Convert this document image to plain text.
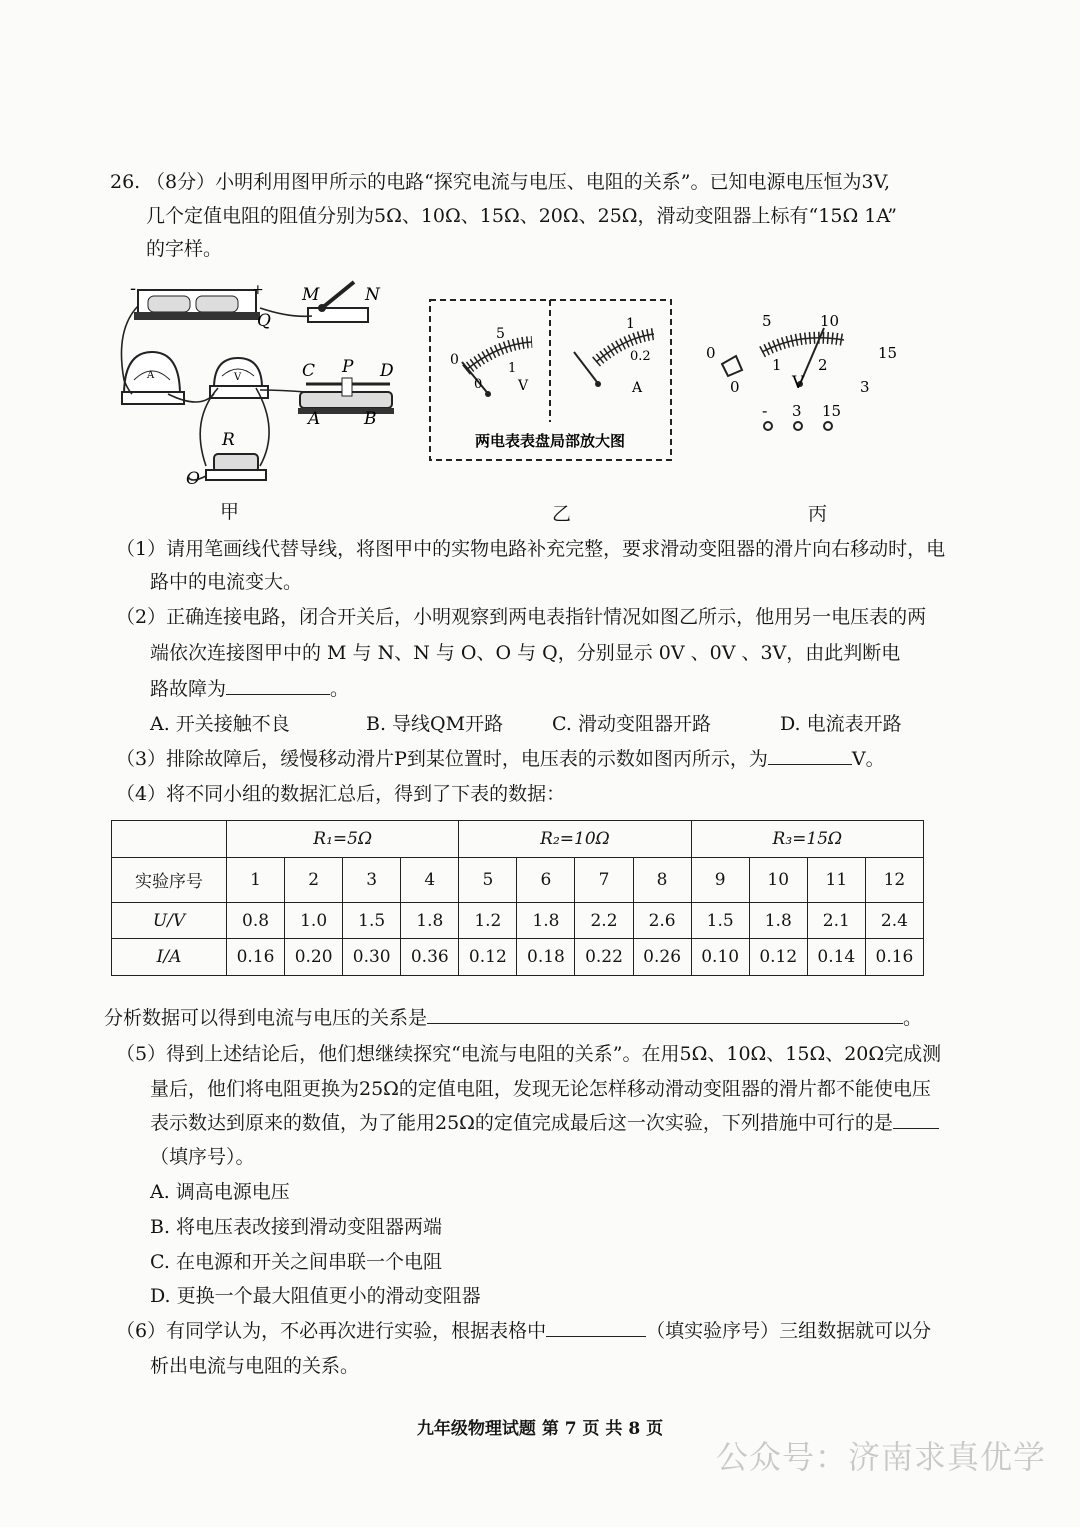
26. （8分）小明利用图甲所示的电路“探究电流与电压、电阻的关系”。已知电源电压恒为3V,
几个定值电阻的阻值分别为5Ω、10Ω、15Ω、20Ω、25Ω，滑动变阻器上标有“15Ω 1A”
的字样。
-	+
Q
M	N
A	V	C P D
A	B
R
O
甲
0
5
0
1
V
1
0.2
A
两电表表盘局部放大图
乙
5	10
15
0
1 2
3
0	V
- 3 15
丙
（1）请用笔画线代替导线，将图甲中的实物电路补充完整，要求滑动变阻器的滑片向右移动时，电
路中的电流变大。
（2）正确连接电路，闭合开关后，小明观察到两电表指针情况如图乙所示，他用另一电压表的两
端依次连接图甲中的 M 与 N、N 与 O、O 与 Q，分别显示 0V 、0V 、3V，由此判断电
路故障为	。
A. 开关接触不良	B. 导线QM开路	C. 滑动变阻器开路	D. 电流表开路
（3）排除故障后，缓慢移动滑片P到某位置时，电压表的示数如图丙所示，为	V。
（4）将不同小组的数据汇总后，得到了下表的数据：
	R₁=5Ω				R₂=10Ω				R₃=15Ω			
实验序号	1	2	3	4	5	6	7	8	9	10	11	12
U/V	0.8	1.0	1.5	1.8	1.2	1.8	2.2	2.6	1.5	1.8	2.1	2.4
I/A	0.16	0.20	0.30	0.36	0.12	0.18	0.22	0.26	0.10	0.12	0.14	0.16
分析数据可以得到电流与电压的关系是	。
（5）得到上述结论后，他们想继续探究“电流与电阻的关系”。在用5Ω、10Ω、15Ω、20Ω完成测
量后，他们将电阻更换为25Ω的定值电阻，发现无论怎样移动滑动变阻器的滑片都不能使电压
表示数达到原来的数值，为了能用25Ω的定值完成最后这一次实验，下列措施中可行的是
（填序号）。
A. 调高电源电压
B. 将电压表改接到滑动变阻器两端
C. 在电源和开关之间串联一个电阻
D. 更换一个最大阻值更小的滑动变阻器
（6）有同学认为，不必再次进行实验，根据表格中	（填实验序号）三组数据就可以分
析出电流与电阻的关系。
九年级物理试题 第 7 页 共 8 页
公众号：济南求真优学
